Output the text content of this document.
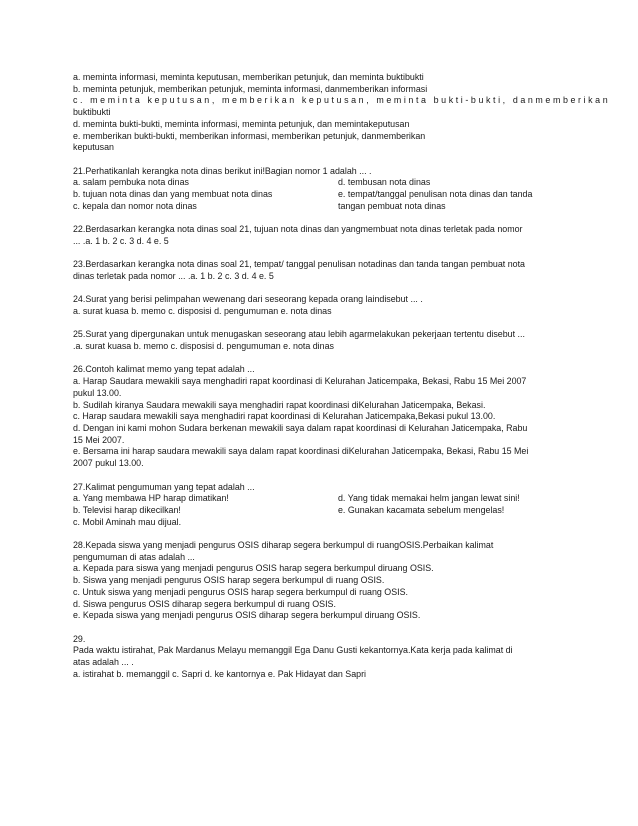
a. meminta informasi, meminta keputusan, memberikan petunjuk, dan meminta buktibukti
b. meminta petunjuk, memberikan petunjuk, meminta informasi, danmemberikan informasi
c. meminta keputusan, memberikan keputusan, meminta bukti-bukti, danmemberikan
buktibukti
d. meminta bukti-bukti, meminta informasi, meminta petunjuk, dan memintakeputusan
e. memberikan bukti-bukti, memberikan informasi, memberikan petunjuk, danmemberikan
keputusan
21.Perhatikanlah kerangka nota dinas berikut ini!Bagian nomor 1 adalah ... .
a. salam pembuka nota dinas	d. tembusan nota dinas
b. tujuan nota dinas dan yang membuat nota dinas	e. tempat/tanggal penulisan nota dinas dan tanda
c. kepala dan nomor nota dinas	tangan pembuat nota dinas
22.Berdasarkan kerangka nota dinas soal 21, tujuan nota dinas dan yangmembuat nota dinas terletak pada nomor
... .a. 1 b. 2 c. 3 d. 4 e. 5
23.Berdasarkan kerangka nota dinas soal 21, tempat/ tanggal penulisan notadinas dan tanda tangan pembuat nota
dinas terletak pada nomor ... .a. 1 b. 2 c. 3 d. 4 e. 5
24.Surat yang berisi pelimpahan wewenang dari seseorang kepada orang laindisebut ... .
a. surat kuasa b. memo c. disposisi d. pengumuman e. nota dinas
25.Surat yang dipergunakan untuk menugaskan seseorang atau lebih agarmelakukan pekerjaan tertentu disebut ...
.a. surat kuasa b. memo c. disposisi d. pengumuman e. nota dinas
26.Contoh kalimat memo yang tepat adalah ...
a. Harap Saudara mewakili saya menghadiri rapat koordinasi di Kelurahan Jaticempaka, Bekasi, Rabu 15 Mei 2007
pukul 13.00.
b. Sudilah kiranya Saudara mewakili saya menghadiri rapat koordinasi diKelurahan Jaticempaka, Bekasi.
c. Harap saudara mewakili saya menghadiri rapat koordinasi di Kelurahan Jaticempaka,Bekasi pukul 13.00.
d. Dengan ini kami mohon Sudara berkenan mewakili saya dalam rapat koordinasi di Kelurahan Jaticempaka, Rabu
15 Mei 2007.
e. Bersama ini harap saudara mewakili saya dalam rapat koordinasi diKelurahan Jaticempaka, Bekasi, Rabu 15 Mei
2007 pukul 13.00.
27.Kalimat pengumuman yang tepat adalah ...
a. Yang membawa HP harap dimatikan!	d. Yang tidak memakai helm jangan lewat sini!
b. Televisi harap dikecilkan!	e. Gunakan kacamata sebelum mengelas!
c. Mobil Aminah mau dijual.
28.Kepada siswa yang menjadi pengurus OSIS diharap segera berkumpul di ruangOSIS.Perbaikan kalimat
pengumuman di atas adalah ...
a. Kepada para siswa yang menjadi pengurus OSIS harap segera berkumpul diruang OSIS.
b. Siswa yang menjadi pengurus OSIS harap segera berkumpul di ruang OSIS.
c. Untuk siswa yang menjadi pengurus OSIS harap segera berkumpul di ruang OSIS.
d. Siswa pengurus OSIS diharap segera berkumpul di ruang OSIS.
e. Kepada siswa yang menjadi pengurus OSIS diharap segera berkumpul diruang OSIS.
29.
Pada waktu istirahat, Pak Mardanus Melayu memanggil Ega Danu Gusti kekantornya.Kata kerja pada kalimat di
atas adalah ... .
a. istirahat b. memanggil c. Sapri d. ke kantornya e. Pak Hidayat dan Sapri
